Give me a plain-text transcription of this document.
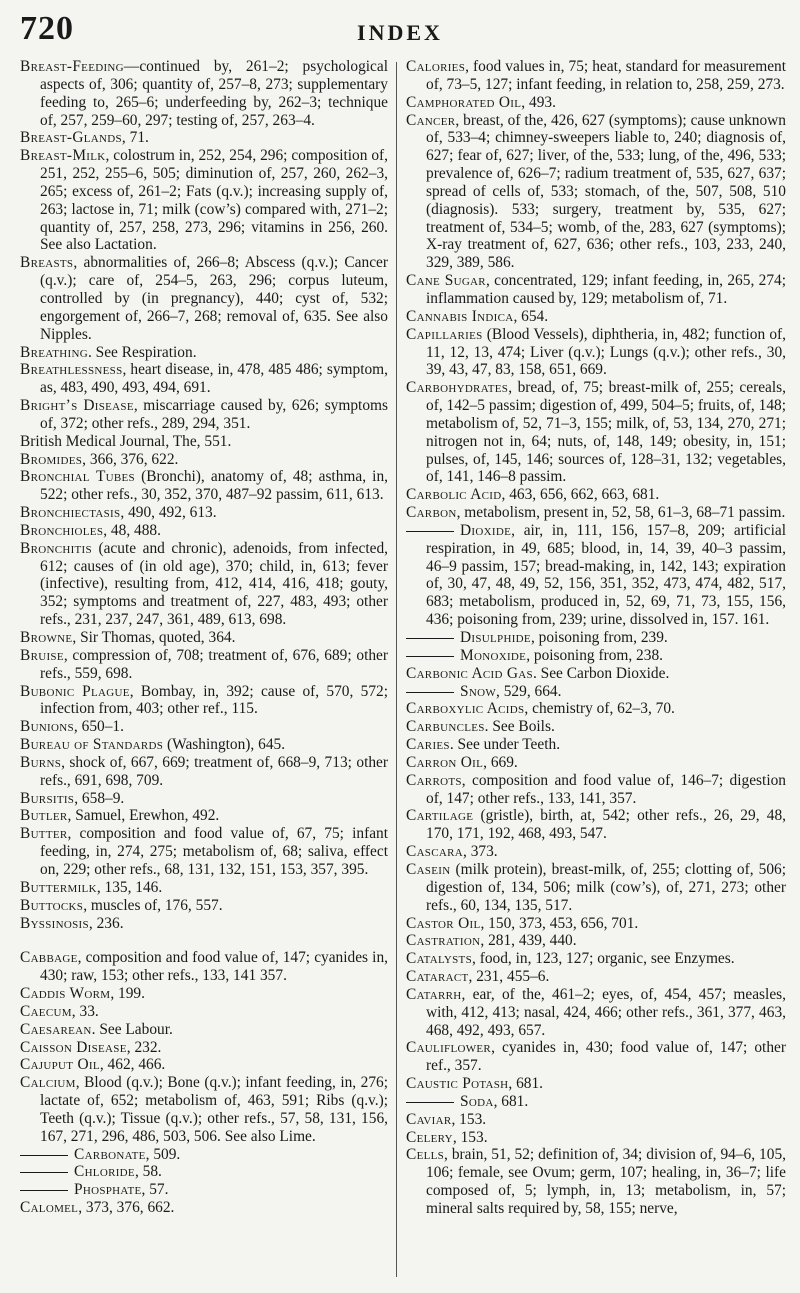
720	INDEX

Breast-Feeding—continued by, 261–2; psychological aspects of, 306; quantity of, 257–8, 273; supplementary feeding to, 265–6; underfeeding by, 262–3; technique of, 257, 259–60, 297; testing of, 257, 263–4.

Breast-Glands, 71.

Breast-Milk, colostrum in, 252, 254, 296; composition of, 251, 252, 255–6, 505; diminution of, 257, 260, 262–3, 265; excess of, 261–2; Fats (q.v.); increasing supply of, 263; lactose in, 71; milk (cow’s) compared with, 271–2; quantity of, 257, 258, 273, 296; vitamins in 256, 260. See also Lactation.

Breasts, abnormalities of, 266–8; Abscess (q.v.); Cancer (q.v.); care of, 254–5, 263, 296; corpus luteum, controlled by (in pregnancy), 440; cyst of, 532; engorgement of, 266–7, 268; removal of, 635. See also Nipples.

Breathing. See Respiration.

Breathlessness, heart disease, in, 478, 485 486; symptom, as, 483, 490, 493, 494, 691.

Bright’s Disease, miscarriage caused by, 626; symptoms of, 372; other refs., 289, 294, 351.

British Medical Journal, The, 551.

Bromides, 366, 376, 622.

Bronchial Tubes (Bronchi), anatomy of, 48; asthma, in, 522; other refs., 30, 352, 370, 487–92 passim, 611, 613.

Bronchiectasis, 490, 492, 613.

Bronchioles, 48, 488.

Bronchitis (acute and chronic), adenoids, from infected, 612; causes of (in old age), 370; child, in, 613; fever (infective), resulting from, 412, 414, 416, 418; gouty, 352; symptoms and treatment of, 227, 483, 493; other refs., 231, 237, 247, 361, 489, 613, 698.

Browne, Sir Thomas, quoted, 364.

Bruise, compression of, 708; treatment of, 676, 689; other refs., 559, 698.

Bubonic Plague, Bombay, in, 392; cause of, 570, 572; infection from, 403; other ref., 115.

Bunions, 650–1.

Bureau of Standards (Washington), 645.

Burns, shock of, 667, 669; treatment of, 668–9, 713; other refs., 691, 698, 709.

Bursitis, 658–9.

Butler, Samuel, Erewhon, 492.

Butter, composition and food value of, 67, 75; infant feeding, in, 274, 275; metabolism of, 68; saliva, effect on, 229; other refs., 68, 131, 132, 151, 153, 357, 395.

Buttermilk, 135, 146.

Buttocks, muscles of, 176, 557.

Byssinosis, 236.

Cabbage, composition and food value of, 147; cyanides in, 430; raw, 153; other refs., 133, 141 357.

Caddis Worm, 199.

Caecum, 33.

Caesarean. See Labour.

Caisson Disease, 232.

Cajuput Oil, 462, 466.

Calcium, Blood (q.v.); Bone (q.v.); infant feeding, in, 276; lactate of, 652; metabolism of, 463, 591; Ribs (q.v.); Teeth (q.v.); Tissue (q.v.); other refs., 57, 58, 131, 156, 167, 271, 296, 486, 503, 506. See also Lime.

Carbonate, 509.

Chloride, 58.

Phosphate, 57.

Calomel, 373, 376, 662.

Calories, food values in, 75; heat, standard for measurement of, 73–5, 127; infant feeding, in relation to, 258, 259, 273.

Camphorated Oil, 493.

Cancer, breast, of the, 426, 627 (symptoms); cause unknown of, 533–4; chimney-sweepers liable to, 240; diagnosis of, 627; fear of, 627; liver, of the, 533; lung, of the, 496, 533; prevalence of, 626–7; radium treatment of, 535, 627, 637; spread of cells of, 533; stomach, of the, 507, 508, 510 (diagnosis). 533; surgery, treatment by, 535, 627; treatment of, 534–5; womb, of the, 283, 627 (symptoms); X-ray treatment of, 627, 636; other refs., 103, 233, 240, 329, 389, 586.

Cane Sugar, concentrated, 129; infant feeding, in, 265, 274; inflammation caused by, 129; metabolism of, 71.

Cannabis Indica, 654.

Capillaries (Blood Vessels), diphtheria, in, 482; function of, 11, 12, 13, 474; Liver (q.v.); Lungs (q.v.); other refs., 30, 39, 43, 47, 83, 158, 651, 669.

Carbohydrates, bread, of, 75; breast-milk of, 255; cereals, of, 142–5 passim; digestion of, 499, 504–5; fruits, of, 148; metabolism of, 52, 71–3, 155; milk, of, 53, 134, 270, 271; nitrogen not in, 64; nuts, of, 148, 149; obesity, in, 151; pulses, of, 145, 146; sources of, 128–31, 132; vegetables, of, 141, 146–8 passim.

Carbolic Acid, 463, 656, 662, 663, 681.

Carbon, metabolism, present in, 52, 58, 61–3, 68–71 passim.

Dioxide, air, in, 111, 156, 157–8, 209; artificial respiration, in 49, 685; blood, in, 14, 39, 40–3 passim, 46–9 passim, 157; bread-making, in, 142, 143; expiration of, 30, 47, 48, 49, 52, 156, 351, 352, 473, 474, 482, 517, 683; metabolism, produced in, 52, 69, 71, 73, 155, 156, 436; poisoning from, 239; urine, dissolved in, 157. 161.

Disulphide, poisoning from, 239.

Monoxide, poisoning from, 238.

Carbonic Acid Gas. See Carbon Dioxide.

Snow, 529, 664.

Carboxylic Acids, chemistry of, 62–3, 70.

Carbuncles. See Boils.

Caries. See under Teeth.

Carron Oil, 669.

Carrots, composition and food value of, 146–7; digestion of, 147; other refs., 133, 141, 357.

Cartilage (gristle), birth, at, 542; other refs., 26, 29, 48, 170, 171, 192, 468, 493, 547.

Cascara, 373.

Casein (milk protein), breast-milk, of, 255; clotting of, 506; digestion of, 134, 506; milk (cow’s), of, 271, 273; other refs., 60, 134, 135, 517.

Castor Oil, 150, 373, 453, 656, 701.

Castration, 281, 439, 440.

Catalysts, food, in, 123, 127; organic, see Enzymes.

Cataract, 231, 455–6.

Catarrh, ear, of the, 461–2; eyes, of, 454, 457; measles, with, 412, 413; nasal, 424, 466; other refs., 361, 377, 463, 468, 492, 493, 657.

Cauliflower, cyanides in, 430; food value of, 147; other ref., 357.

Caustic Potash, 681.

Soda, 681.

Caviar, 153.

Celery, 153.

Cells, brain, 51, 52; definition of, 34; division of, 94–6, 105, 106; female, see Ovum; germ, 107; healing, in, 36–7; life composed of, 5; lymph, in, 13; metabolism, in, 57; mineral salts required by, 58, 155; nerve,
